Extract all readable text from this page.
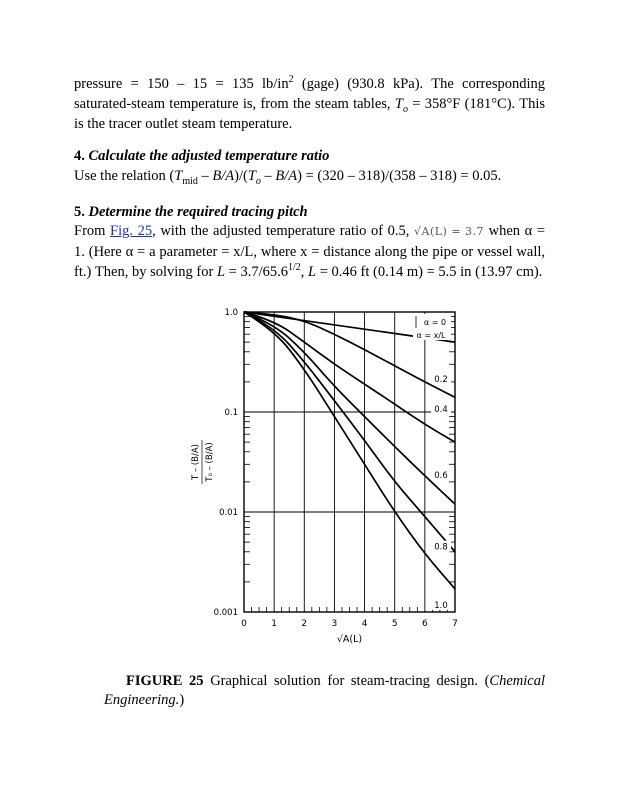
pressure = 150 – 15 = 135 $lb/in^2$ (gage) (930.8 kPa). The corresponding saturated-steam temperature is, from the steam tables, $T_o = 358^\circ F$ (181°C). This is the tracer outlet steam temperature.

4. Calculate the adjusted temperature ratio

Use the relation $(T_{mid} - B/A)/(T_o - B/A) = (320 - 318)/(358 - 318) = 0.05$.

5. Determine the required tracing pitch

From Fig. 25, with the adjusted temperature ratio of 0.5, √A(L) = 3.7 when α = 1. (Here α = a parameter = x/L, where x = distance along the pipe or vessel wall, ft.) Then, by solving for $L = 3.7/65.6^{1/2}$, L = 0.46 ft (0.14 m) = 5.5 in (13.97 cm).

0	1	2	3	4	5	6	7
1.0
0.1
0.01
0.001
0.2
0.4
0.6
0.8
1.0
α = 0
α = x/L
√A(L)
T – (B/A) T₀ – (B/A)

FIGURE 25 Graphical solution for steam-tracing design. (Chemical Engineering.)
